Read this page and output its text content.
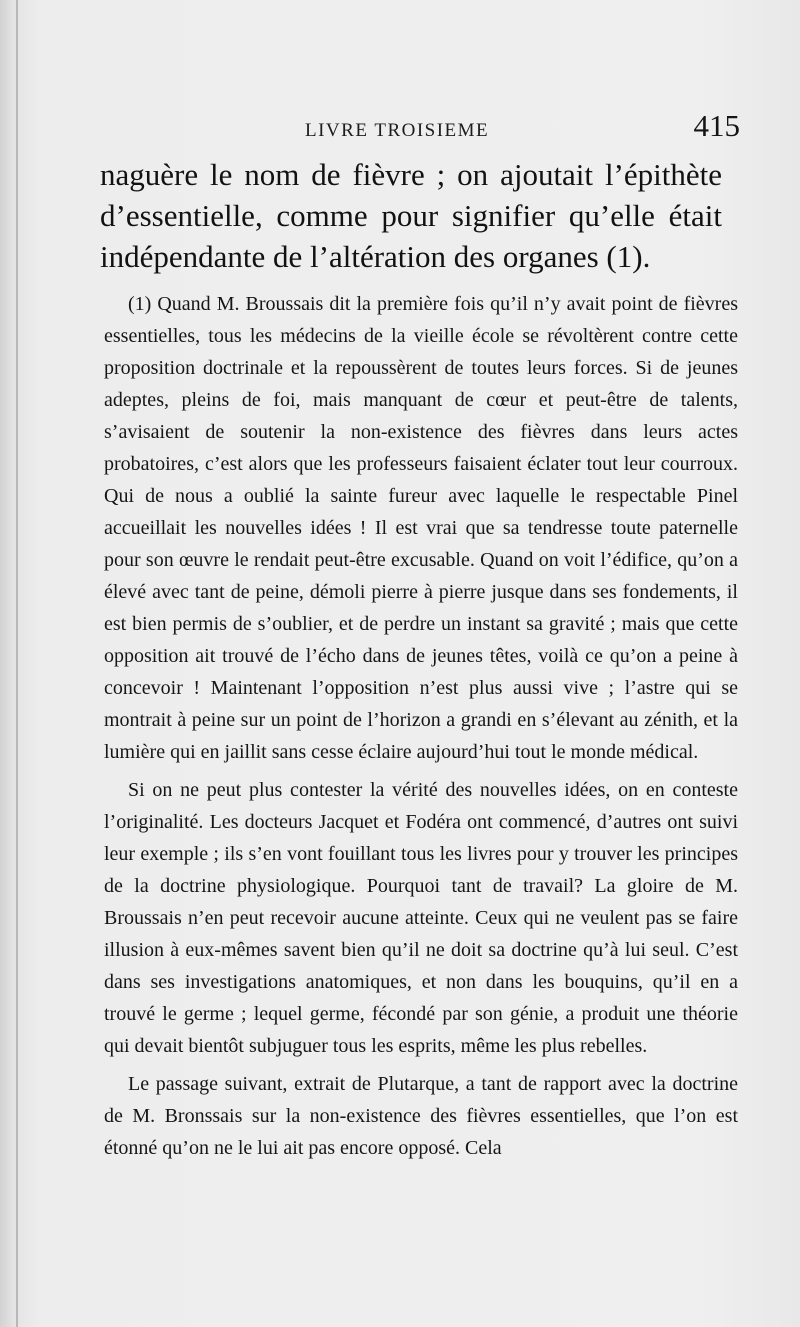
LIVRE TROISIEME	415

naguère le nom de fièvre ; on ajoutait l’épithète d’essentielle, comme pour signifier qu’elle était indépendante de l’altération des organes (1).

(1) Quand M. Broussais dit la première fois qu’il n’y avait point de fièvres essentielles, tous les médecins de la vieille école se révoltèrent contre cette proposition doctrinale et la repoussèrent de toutes leurs forces. Si de jeunes adeptes, pleins de foi, mais manquant de cœur et peut-être de talents, s’avisaient de soutenir la non-existence des fièvres dans leurs actes probatoires, c’est alors que les professeurs faisaient éclater tout leur courroux. Qui de nous a oublié la sainte fureur avec laquelle le respectable Pinel accueillait les nouvelles idées ! Il est vrai que sa tendresse toute paternelle pour son œuvre le rendait peut-être excusable. Quand on voit l’édifice, qu’on a élevé avec tant de peine, démoli pierre à pierre jusque dans ses fondements, il est bien permis de s’oublier, et de perdre un instant sa gravité ; mais que cette opposition ait trouvé de l’écho dans de jeunes têtes, voilà ce qu’on a peine à concevoir ! Maintenant l’opposition n’est plus aussi vive ; l’astre qui se montrait à peine sur un point de l’horizon a grandi en s’élevant au zénith, et la lumière qui en jaillit sans cesse éclaire aujourd’hui tout le monde médical.

Si on ne peut plus contester la vérité des nouvelles idées, on en conteste l’originalité. Les docteurs Jacquet et Fodéra ont commencé, d’autres ont suivi leur exemple ; ils s’en vont fouillant tous les livres pour y trouver les principes de la doctrine physiologique. Pourquoi tant de travail? La gloire de M. Broussais n’en peut recevoir aucune atteinte. Ceux qui ne veulent pas se faire illusion à eux-mêmes savent bien qu’il ne doit sa doctrine qu’à lui seul. C’est dans ses investigations anatomiques, et non dans les bouquins, qu’il en a trouvé le germe ; lequel germe, fécondé par son génie, a produit une théorie qui devait bientôt subjuguer tous les esprits, même les plus rebelles.

Le passage suivant, extrait de Plutarque, a tant de rapport avec la doctrine de M. Bronssais sur la non-existence des fièvres essentielles, que l’on est étonné qu’on ne le lui ait pas encore opposé. Cela
